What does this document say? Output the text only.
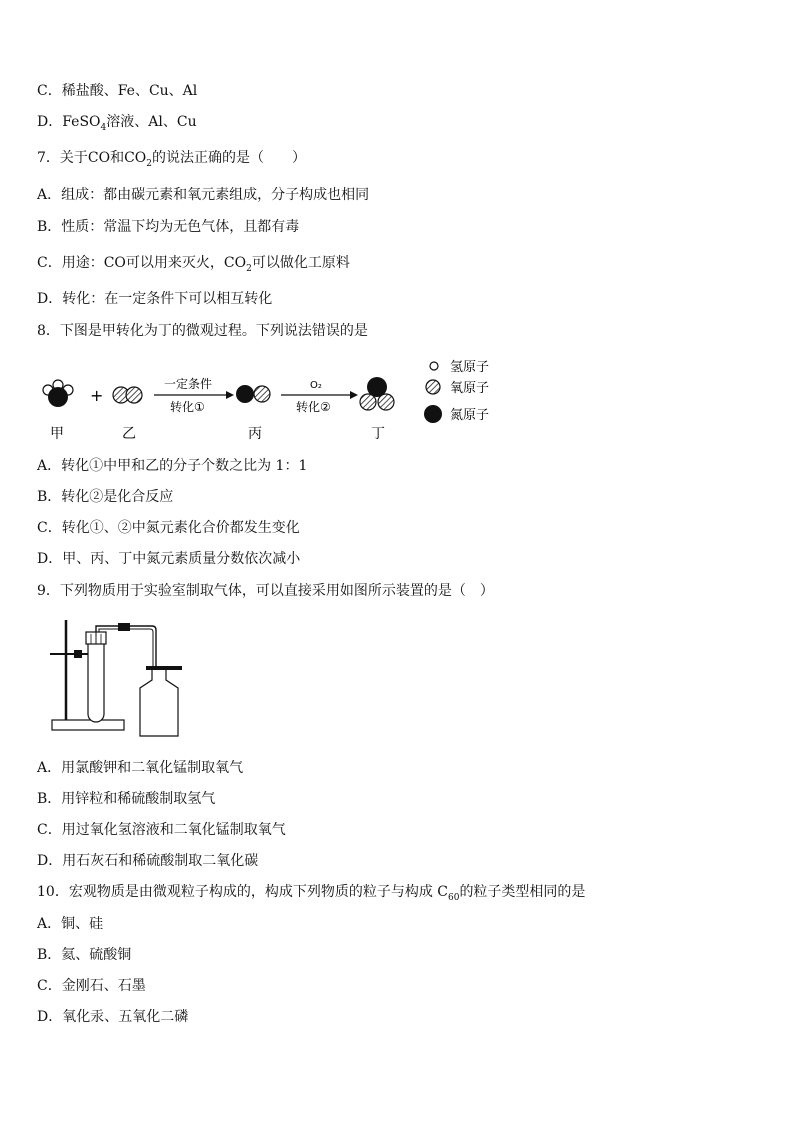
C．稀盐酸、Fe、Cu、Al
D．FeSO$_4$溶液、Al、Cu
7．关于CO和$CO_2$的说法正确的是（　　）
A．组成：都由碳元素和氧元素组成，分子构成也相同
B．性质：常温下均为无色气体，且都有毒
C．用途：CO可以用来灭火，$CO_2$可以做化工原料
D．转化：在一定条件下可以相互转化
8．下图是甲转化为丁的微观过程。下列说法错误的是
+
一定条件
转化①
O₂
转化②
甲	乙	丙	丁
氢原子
氧原子
氮原子
A．转化①中甲和乙的分子个数之比为 1：1
B．转化②是化合反应
C．转化①、②中氮元素化合价都发生变化
D．甲、丙、丁中氮元素质量分数依次减小
9．下列物质用于实验室制取气体，可以直接采用如图所示装置的是（　）
A．用氯酸钾和二氧化锰制取氧气
B．用锌粒和稀硫酸制取氢气
C．用过氧化氢溶液和二氧化锰制取氧气
D．用石灰石和稀硫酸制取二氧化碳
10．宏观物质是由微观粒子构成的，构成下列物质的粒子与构成 $C_{60}$的粒子类型相同的是
A．铜、硅
B．氦、硫酸铜
C．金刚石、石墨
D．氧化汞、五氧化二磷
